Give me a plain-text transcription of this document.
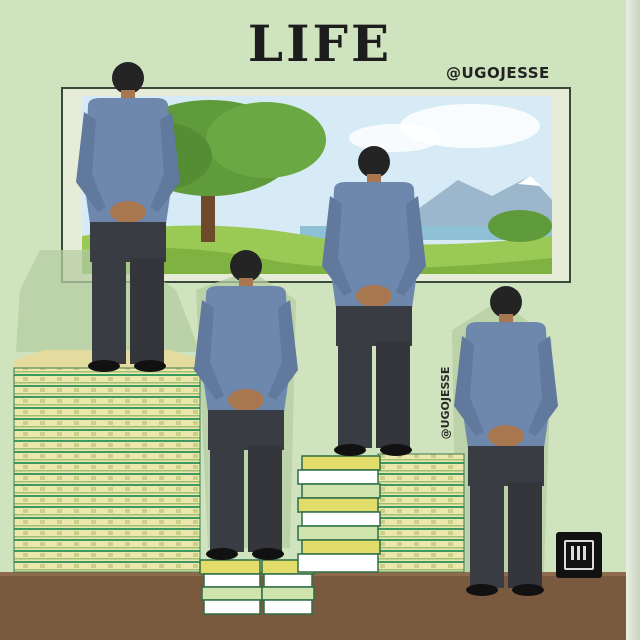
LIFE	@UGOJESSE
@UGOJESSE
